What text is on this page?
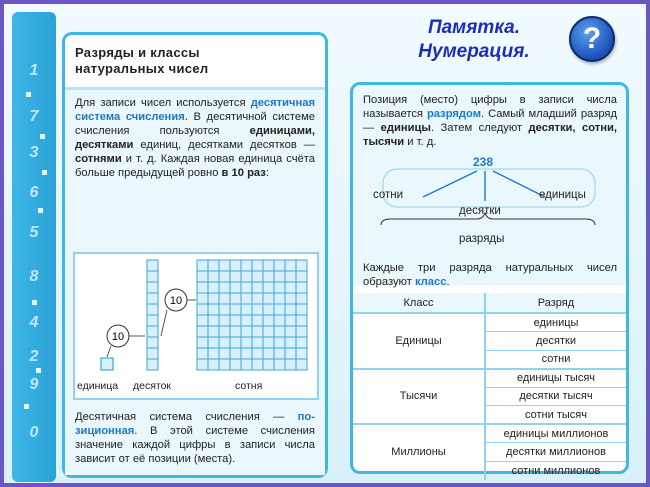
1
7
3
6
5
8
4
2
9
0
Памятка.
Нумерация.	?
Разряды и классы
натуральных чисел

Для записи чисел используется десятичная система счисления. В десятичной системе счисления пользуются единицами, десятками единиц, десятками десятков — сотнями и т. д. Каждая новая единица счёта больше предыдущей ровно в 10 раз:

10
10
единица десяток	сотня

Десятичная система счисления — позиционная. В этой системе счисления значение каждой цифры в записи числа зависит от её позиции (места).

Позиция (место) цифры в записи числа называется разрядом. Самый младший разряд — единицы. Затем следуют десятки, сотни, тысячи и т. д.

238
сотни
десятки
единицы
разряды

Каждые три разряда натуральных чисел образуют класс.

Класс	Разряд
Единицы	единицы
	десятки
	сотни
Тысячи	единицы тысяч
	десятки тысяч
	сотни тысяч
Миллионы	единицы миллионов
	десятки миллионов
	сотни миллионов
